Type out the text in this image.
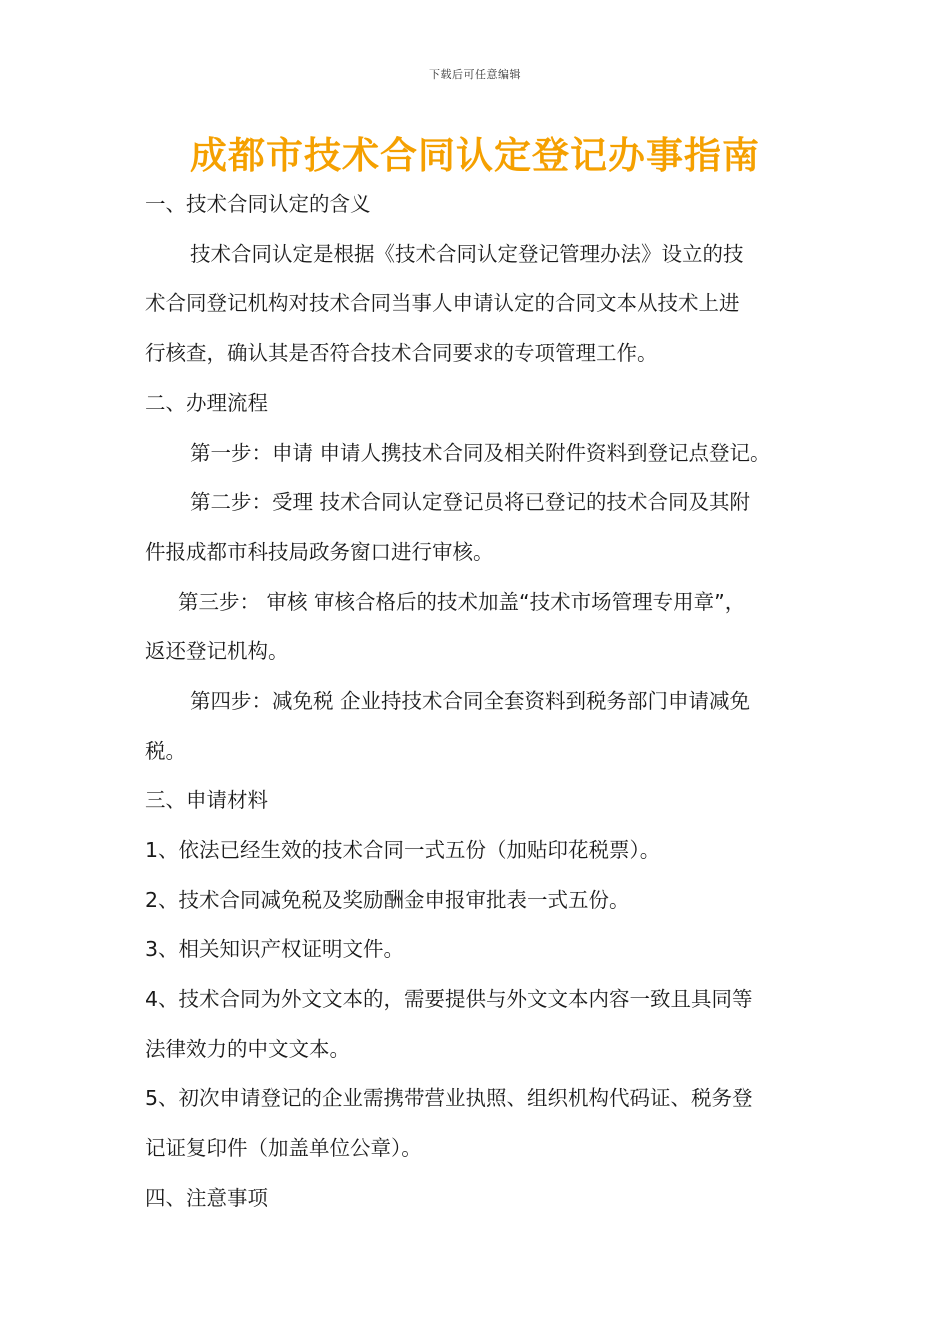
下载后可任意编辑
成都市技术合同认定登记办事指南
一、技术合同认定的含义
技术合同认定是根据《技术合同认定登记管理办法》设立的技
术合同登记机构对技术合同当事人申请认定的合同文本从技术上进
行核查，确认其是否符合技术合同要求的专项管理工作。
二、办理流程
第一步：申请 申请人携技术合同及相关附件资料到登记点登记。
第二步：受理 技术合同认定登记员将已登记的技术合同及其附
件报成都市科技局政务窗口进行审核。
第三步： 审核 审核合格后的技术加盖“技术市场管理专用章”，
返还登记机构。
第四步：减免税 企业持技术合同全套资料到税务部门申请减免
税。
三、申请材料
1、依法已经生效的技术合同一式五份（加贴印花税票）。
2、技术合同减免税及奖励酬金申报审批表一式五份。
3、相关知识产权证明文件。
4、技术合同为外文文本的，需要提供与外文文本内容一致且具同等
法律效力的中文文本。
5、初次申请登记的企业需携带营业执照、组织机构代码证、税务登
记证复印件（加盖单位公章）。
四、注意事项
